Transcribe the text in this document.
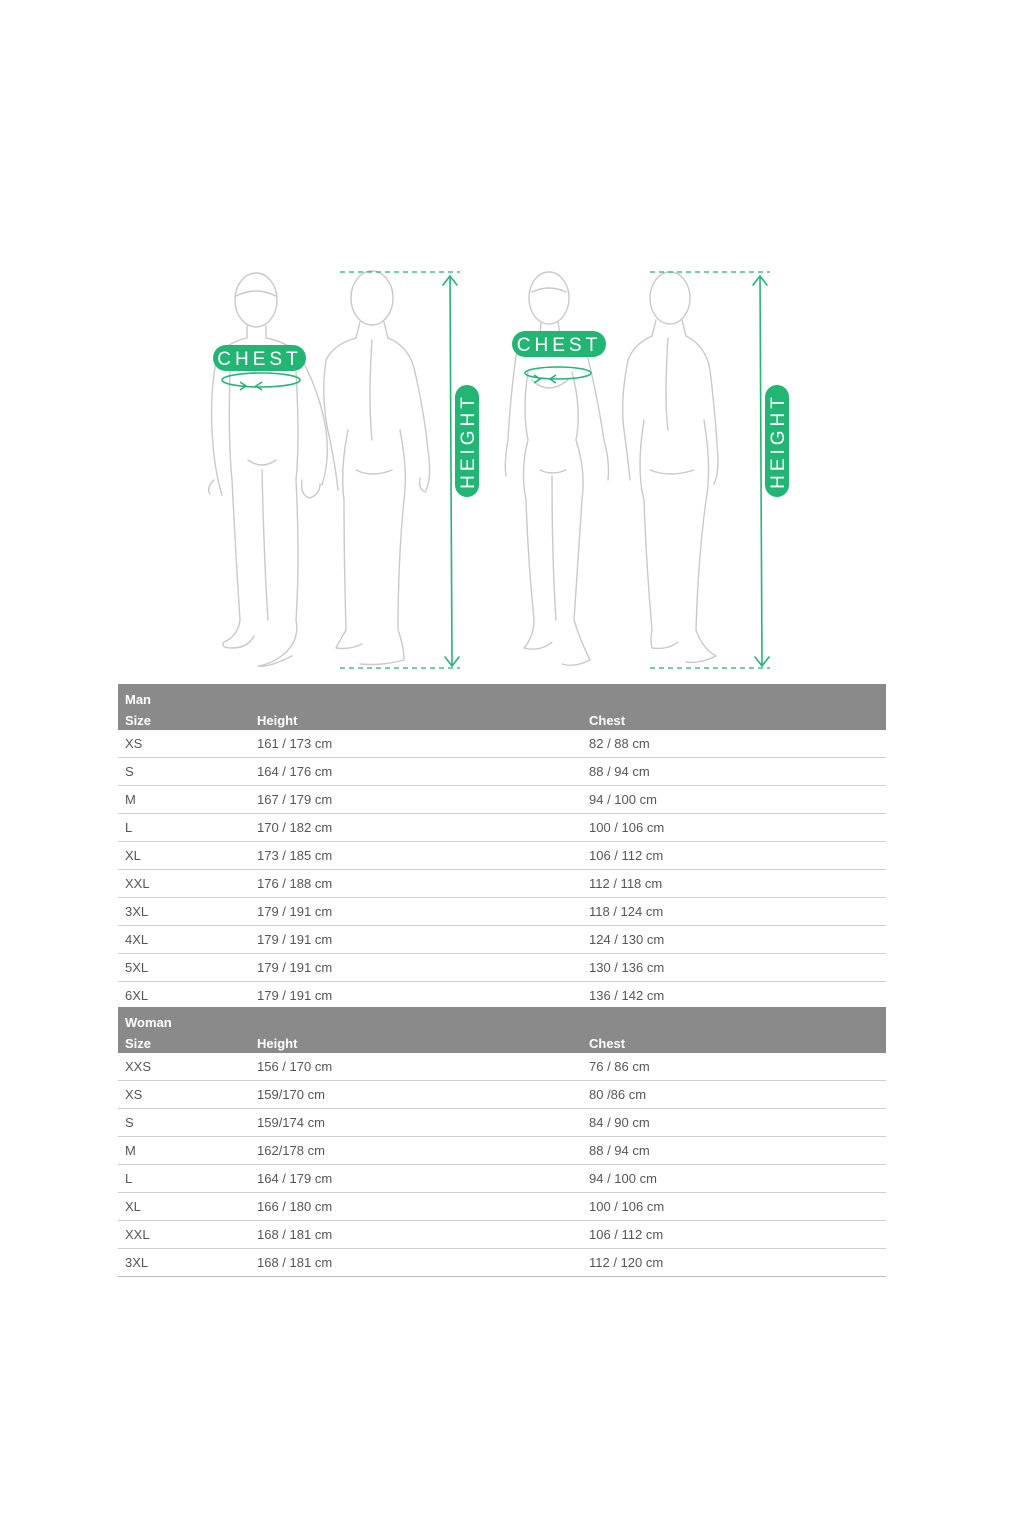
CHEST
CHEST
HEIGHT	HEIGHT
Man		
Size	Height	Chest
XS	161 / 173 cm	82 / 88 cm
S	164 / 176 cm	88 / 94 cm
M	167 / 179 cm	94 / 100 cm
L	170 / 182 cm	100 / 106 cm
XL	173 / 185 cm	106 / 112 cm
XXL	176 / 188 cm	112 / 118 cm
3XL	179 / 191 cm	118 / 124 cm
4XL	179 / 191 cm	124 / 130 cm
5XL	179 / 191 cm	130 / 136 cm
6XL	179 / 191 cm	136 / 142 cm
Woman		
Size	Height	Chest
XXS	156 / 170 cm	76 / 86 cm
XS	159/170 cm	80 /86 cm
S	159/174 cm	84 / 90 cm
M	162/178 cm	88 / 94 cm
L	164 / 179 cm	94 / 100 cm
XL	166 / 180 cm	100 / 106 cm
XXL	168 / 181 cm	106 / 112 cm
3XL	168 / 181 cm	112 / 120 cm
